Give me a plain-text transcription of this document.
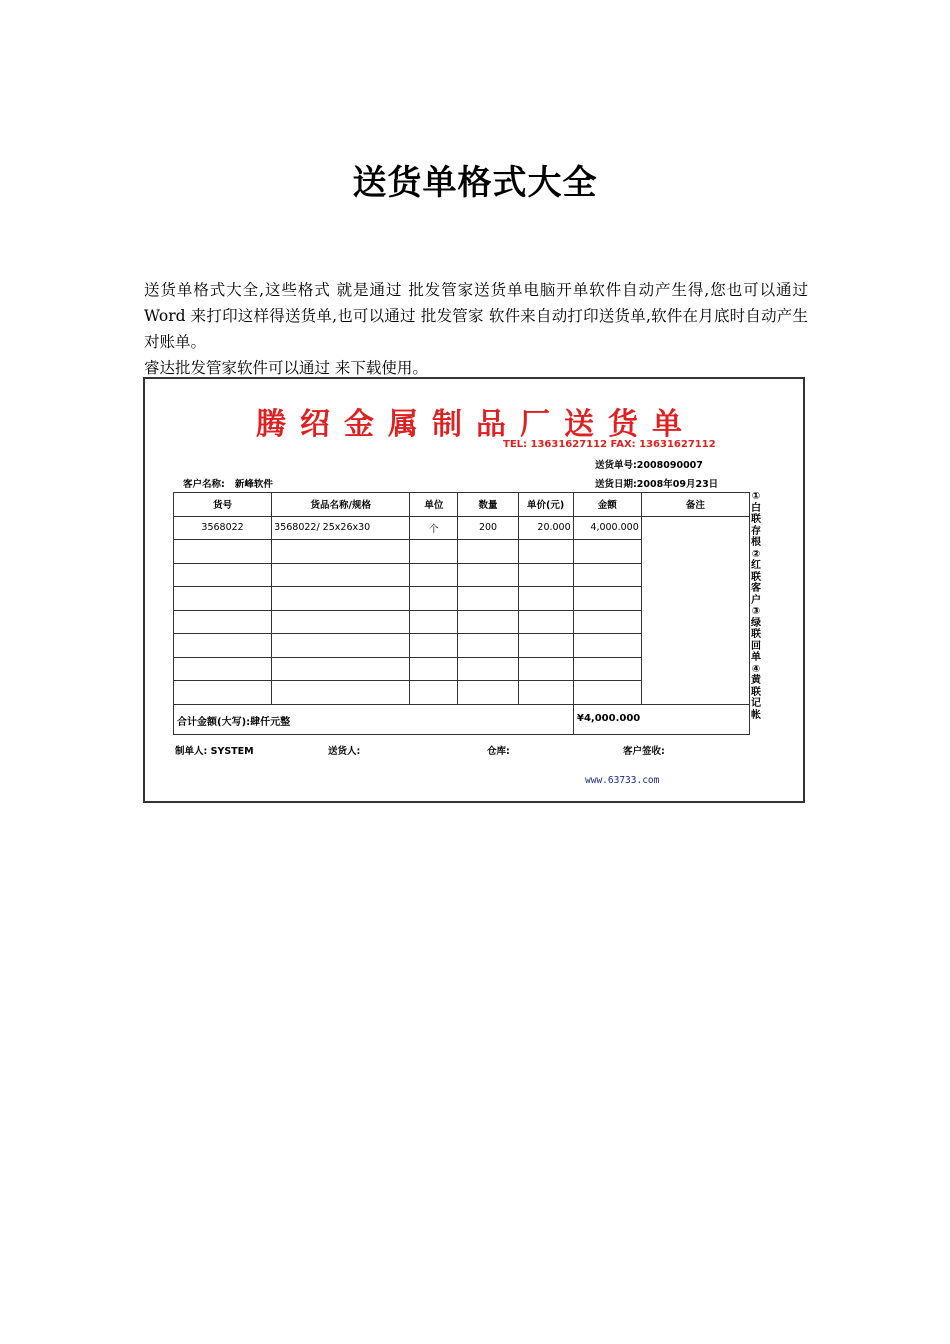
送货单格式大全

送货单格式大全,这些格式 就是通过 批发管家送货单电脑开单软件自动产生得,您也可以通过 Word 来打印这样得送货单,也可以通过 批发管家 软件来自动打印送货单,软件在月底时自动产生对账单。

睿达批发管家软件可以通过 来下载使用。

腾绍金属制品厂送货单
TEL: 13631627112 FAX: 13631627112
送货单号:2008090007
客户名称: 新峰软件	送货日期:2008年09月23日
货号	货品名称/规格	单位	数量	单价(元)	金额	备注
3568022	3568022/ 25x26x30	个	200	20.000	4,000.000	

①白联存根②红联客户③绿联回单④黄联记帐
合计金额(大写):肆仟元整	¥4,000.000
制单人: SYSTEM	送货人:	仓库:	客户签收:
www.63733.com
